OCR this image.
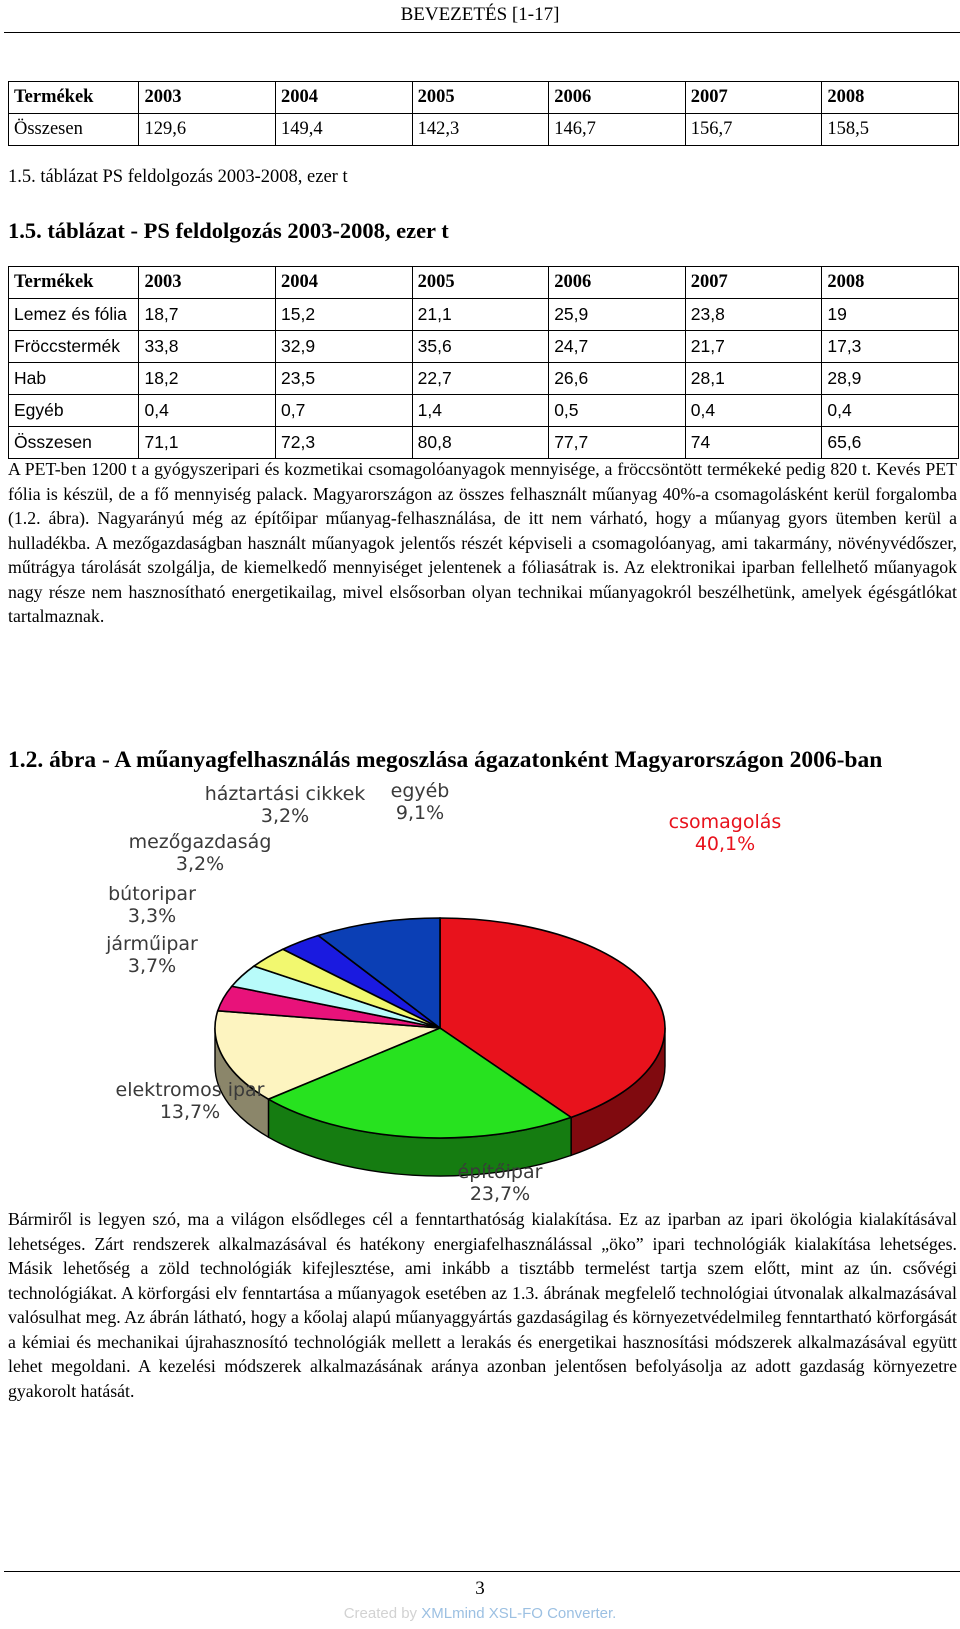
BEVEZETÉS [1-17]
Termékek	2003	2004	2005	2006	2007	2008
Összesen	129,6	149,4	142,3	146,7	156,7	158,5
1.5. táblázat PS feldolgozás 2003-2008, ezer t
1.5. táblázat - PS feldolgozás 2003-2008, ezer t
Termékek	2003	2004	2005	2006	2007	2008
Lemez és fólia	18,7	15,2	21,1	25,9	23,8	19
Fröccstermék	33,8	32,9	35,6	24,7	21,7	17,3
Hab	18,2	23,5	22,7	26,6	28,1	28,9
Egyéb	0,4	0,7	1,4	0,5	0,4	0,4
Összesen	71,1	72,3	80,8	77,7	74	65,6

A PET-ben 1200 t a gyógyszeripari és kozmetikai csomagolóanyagok mennyisége, a fröccsöntött termékeké pedig 820 t. Kevés PET fólia is készül, de a fő mennyiség palack. Magyarországon az összes felhasznált műanyag 40%-a csomagolásként kerül forgalomba (1.2. ábra). Nagyarányú még az építőipar műanyag-felhasználása, de itt nem várható, hogy a műanyag gyors ütemben kerül a hulladékba. A mezőgazdaságban használt műanyagok jelentős részét képviseli a csomagolóanyag, ami takarmány, növényvédőszer, műtrágya tárolását szolgálja, de kiemelkedő mennyiséget jelentenek a fóliasátrak is. Az elektronikai iparban fellelhető műanyagok nagy része nem hasznosítható energetikailag, mivel elsősorban olyan technikai műanyagokról beszélhetünk, amelyek égésgátlókat tartalmaznak.

1.2. ábra - A műanyagfelhasználás megoszlása ágazatonként Magyarországon 2006-ban
csomagolás
40,1%
építőipar
23,7%
elektromos ipar
13,7%
járműipar
3,7%
bútoripar
3,3%
mezőgazdaság
3,2%
háztartási cikkek
3,2%
egyéb
9,1%

Bármiről is legyen szó, ma a világon elsődleges cél a fenntarthatóság kialakítása. Ez az iparban az ipari ökológia kialakításával lehetséges. Zárt rendszerek alkalmazásával és hatékony energiafelhasználással „öko” ipari technológiák kialakítása lehetséges. Másik lehetőség a zöld technológiák kifejlesztése, ami inkább a tisztább termelést tartja szem előtt, mint az ún. csővégi technológiákat. A körforgási elv fenntartása a műanyagok esetében az 1.3. ábrának megfelelő technológiai útvonalak alkalmazásával valósulhat meg. Az ábrán látható, hogy a kőolaj alapú műanyaggyártás gazdaságilag és környezetvédelmileg fenntartható körforgását a kémiai és mechanikai újrahasznosító technológiák mellett a lerakás és energetikai hasznosítási módszerek alkalmazásával együtt lehet megoldani. A kezelési módszerek alkalmazásának aránya azonban jelentősen befolyásolja az adott gazdaság környezetre gyakorolt hatását.

3
Created by XMLmind XSL-FO Converter.
